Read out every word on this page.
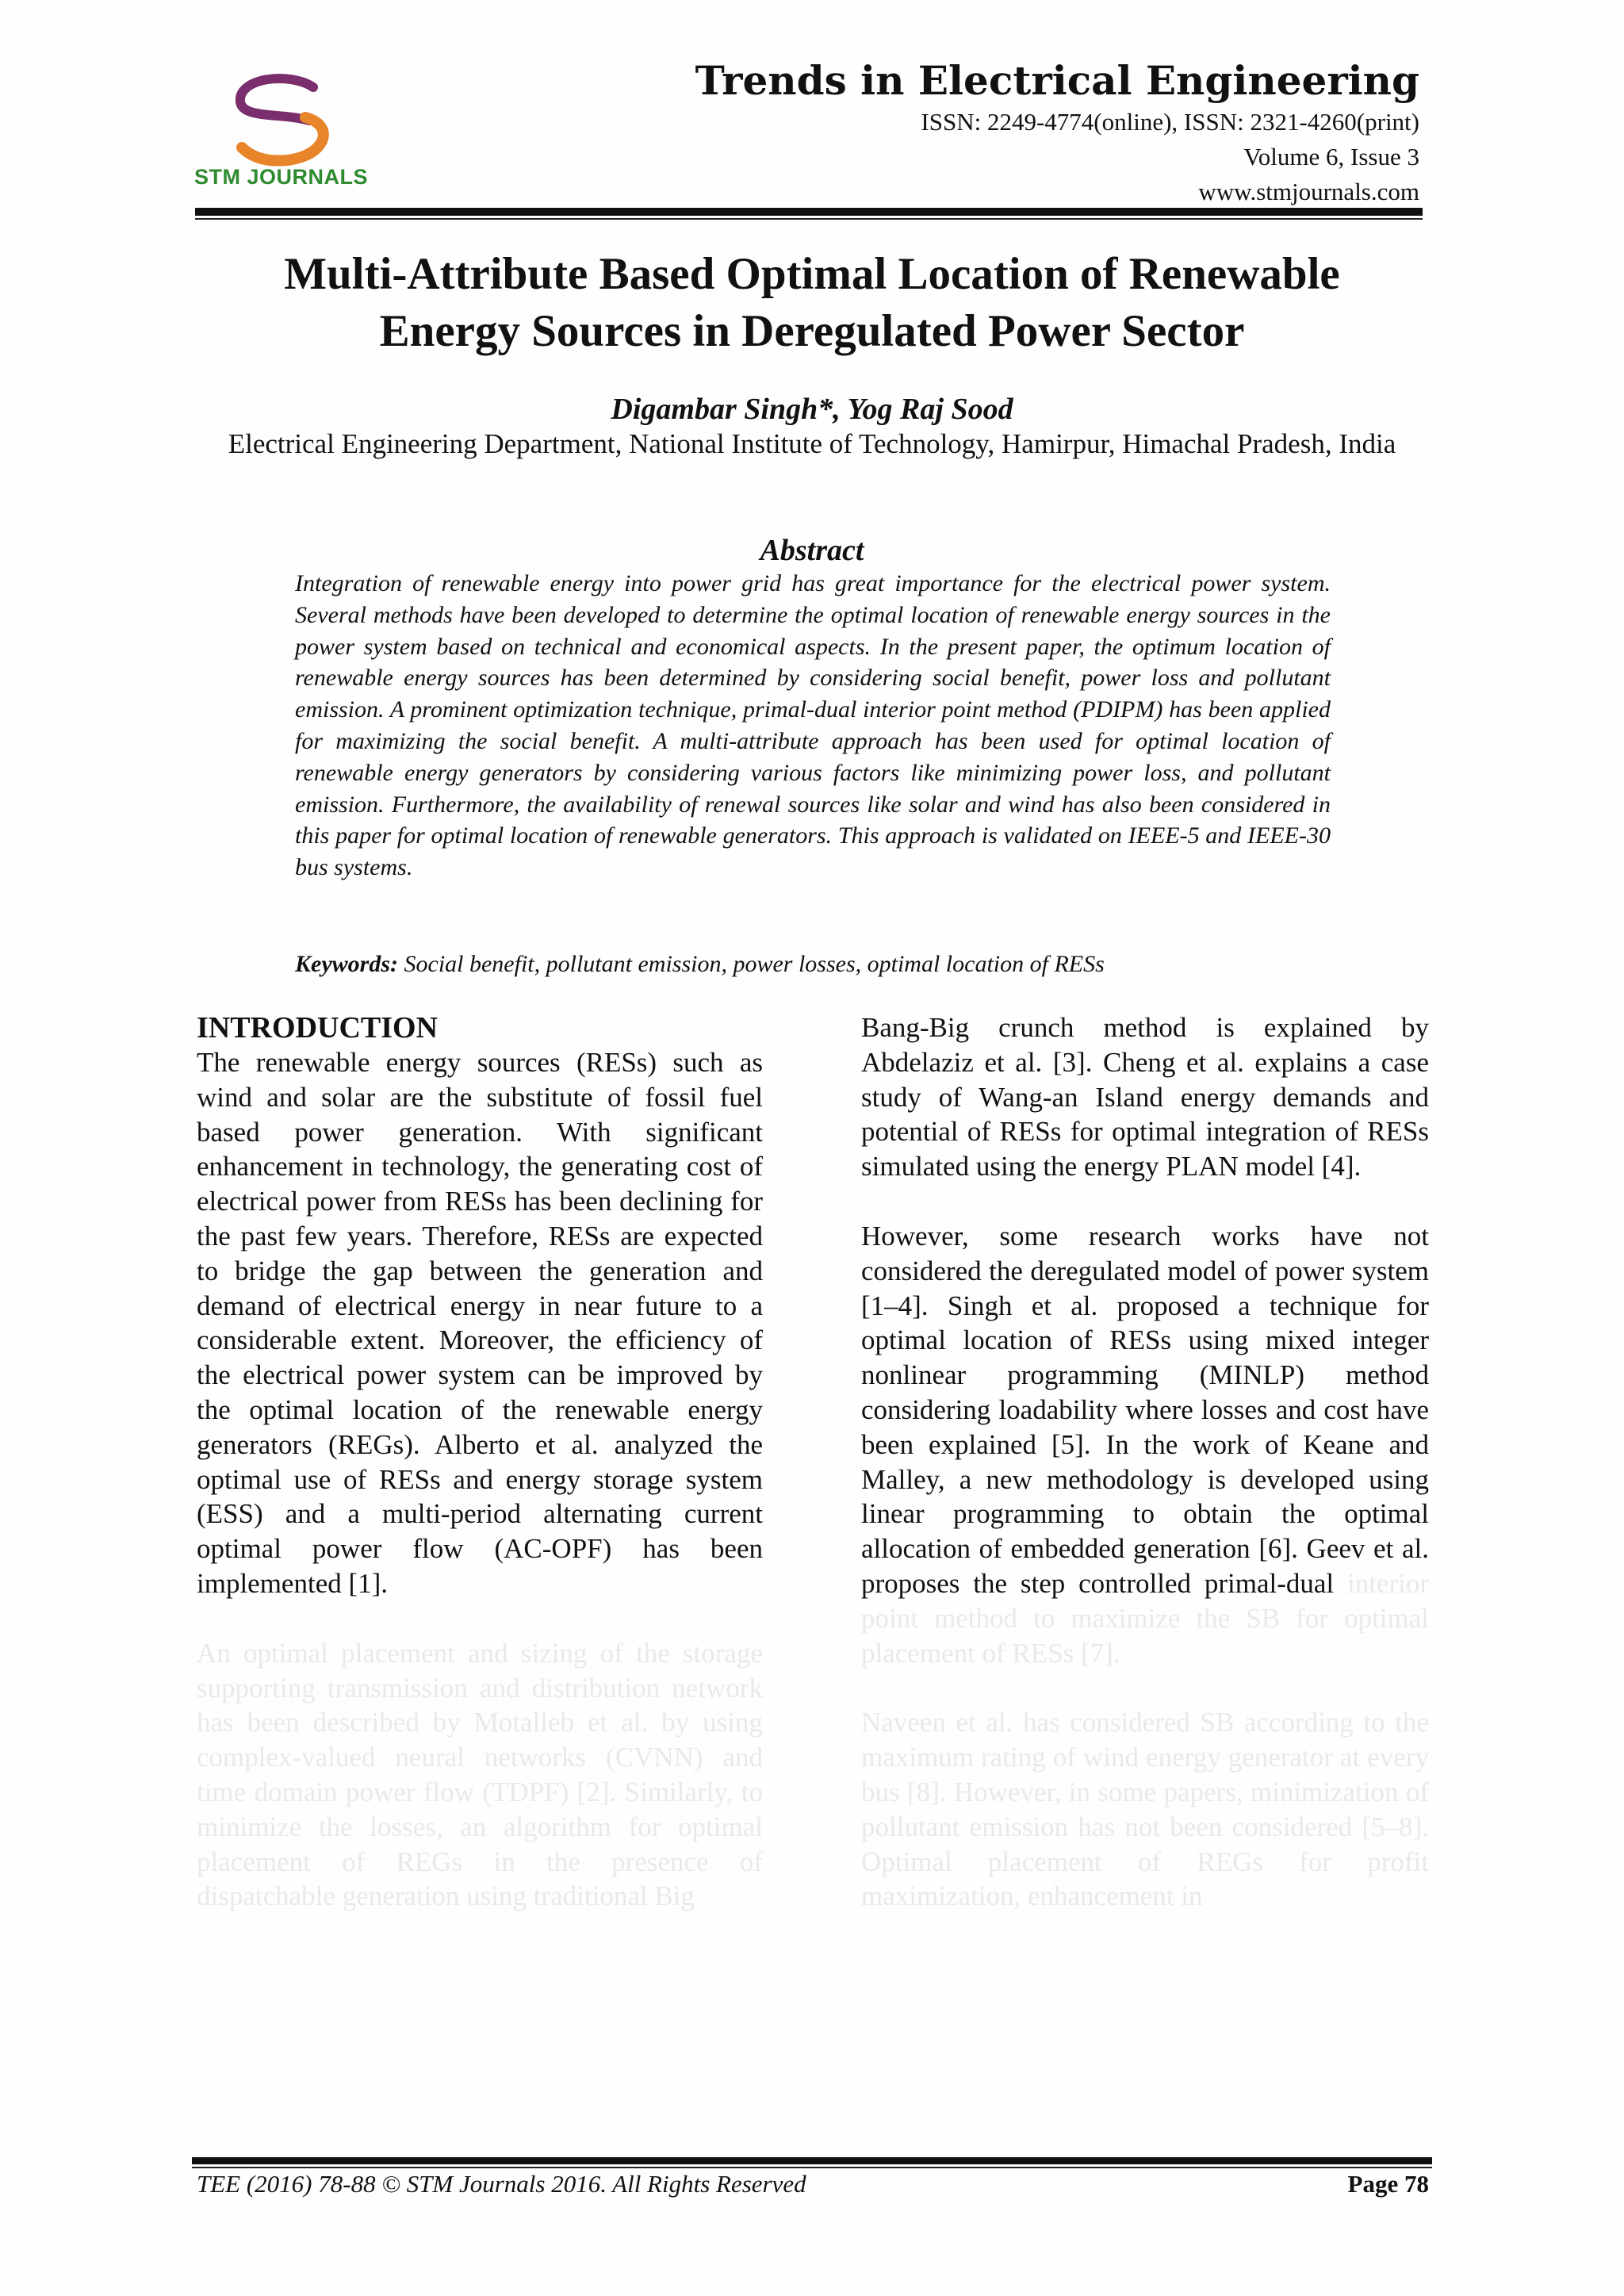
STM JOURNALS
Trends in Electrical Engineering
ISSN: 2249-4774(online), ISSN: 2321-4260(print)
Volume 6, Issue 3
www.stmjournals.com
Multi-Attribute Based Optimal Location of Renewable
Energy Sources in Deregulated Power Sector
Digambar Singh*, Yog Raj Sood
Electrical Engineering Department, National Institute of Technology, Hamirpur, Himachal Pradesh, India
Abstract
Integration of renewable energy into power grid has great importance for the electrical power system. Several methods have been developed to determine the optimal location of renewable energy sources in the power system based on technical and economical aspects. In the present paper, the optimum location of renewable energy sources has been determined by considering social benefit, power loss and pollutant emission. A prominent optimization technique, primal-dual interior point method (PDIPM) has been applied for maximizing the social benefit. A multi-attribute approach has been used for optimal location of renewable energy generators by considering various factors like minimizing power loss, and pollutant emission. Furthermore, the availability of renewal sources like solar and wind has also been considered in this paper for optimal location of renewable generators. This approach is validated on IEEE-5 and IEEE-30 bus systems.
Keywords: Social benefit, pollutant emission, power losses, optimal location of RESs

INTRODUCTION

The renewable energy sources (RESs) such as wind and solar are the substitute of fossil fuel based power generation. With significant enhancement in technology, the generating cost of electrical power from RESs has been declining for the past few years. Therefore, RESs are expected to bridge the gap between the generation and demand of electrical energy in near future to a considerable extent. Moreover, the efficiency of the electrical power system can be improved by the optimal location of the renewable energy generators (REGs). Alberto et al. analyzed the optimal use of RESs and energy storage system (ESS) and a multi-period alternating current optimal power flow (AC-OPF) has been implemented [1].

An optimal placement and sizing of the storage supporting transmission and distribution network has been described by Motalleb et al. by using complex-valued neural networks (CVNN) and time domain power flow (TDPF) [2]. Similarly, to minimize the losses, an algorithm for optimal placement of REGs in the presence of dispatchable generation using traditional Big

Bang-Big crunch method is explained by Abdelaziz et al. [3]. Cheng et al. explains a case study of Wang-an Island energy demands and potential of RESs for optimal integration of RESs simulated using the energy PLAN model [4].

However, some research works have not considered the deregulated model of power system [1–4]. Singh et al. proposed a technique for optimal location of RESs using mixed integer nonlinear programming (MINLP) method considering loadability where losses and cost have been explained [5]. In the work of Keane and Malley, a new methodology is developed using linear programming to obtain the optimal allocation of embedded generation [6]. Geev et al. proposes the step controlled primal-dual interior point method to maximize the SB for optimal placement of RESs [7].

Naveen et al. has considered SB according to the maximum rating of wind energy generator at every bus [8]. However, in some papers, minimization of pollutant emission has not been considered [5–8]. Optimal placement of REGs for profit maximization, enhancement in

TEE (2016) 78-88 © STM Journals 2016. All Rights Reserved	Page 78
